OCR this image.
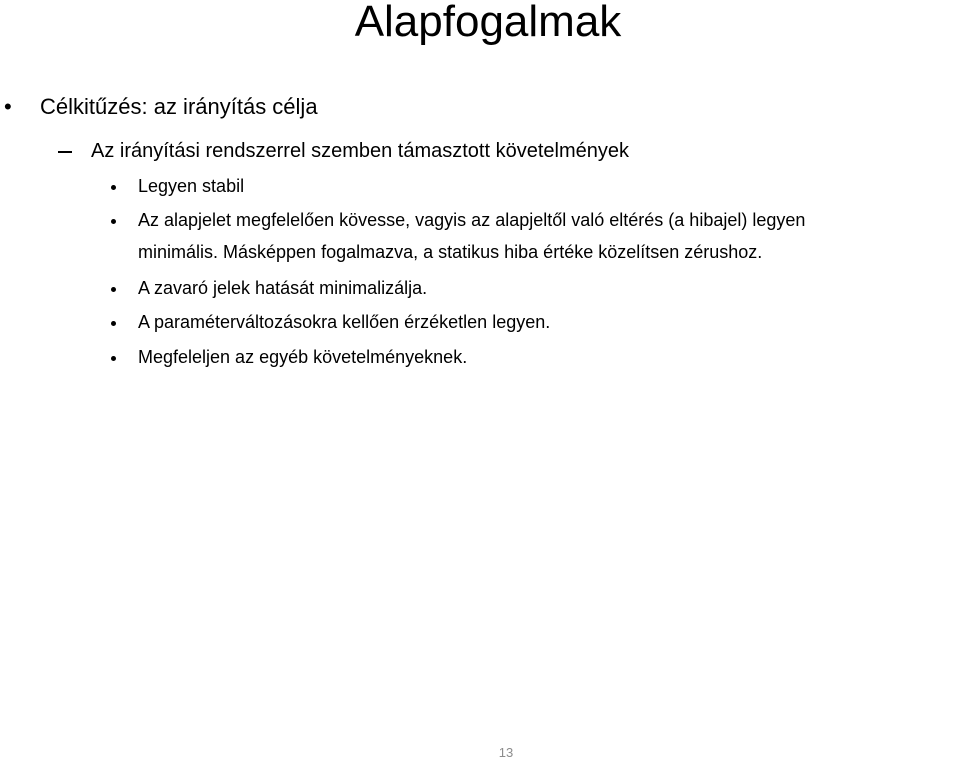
Alapfogalmak
• Célkitűzés: az irányítás célja
Az irányítási rendszerrel szemben támasztott követelmények
Legyen stabil
Az alapjelet megfelelően kövesse, vagyis az alapjeltől való eltérés (a hibajel) legyen
minimális. Másképpen fogalmazva, a statikus hiba értéke közelítsen zérushoz.
A zavaró jelek hatását minimalizálja.
A paraméterváltozásokra kellően érzéketlen legyen.
Megfeleljen az egyéb követelményeknek.
13
